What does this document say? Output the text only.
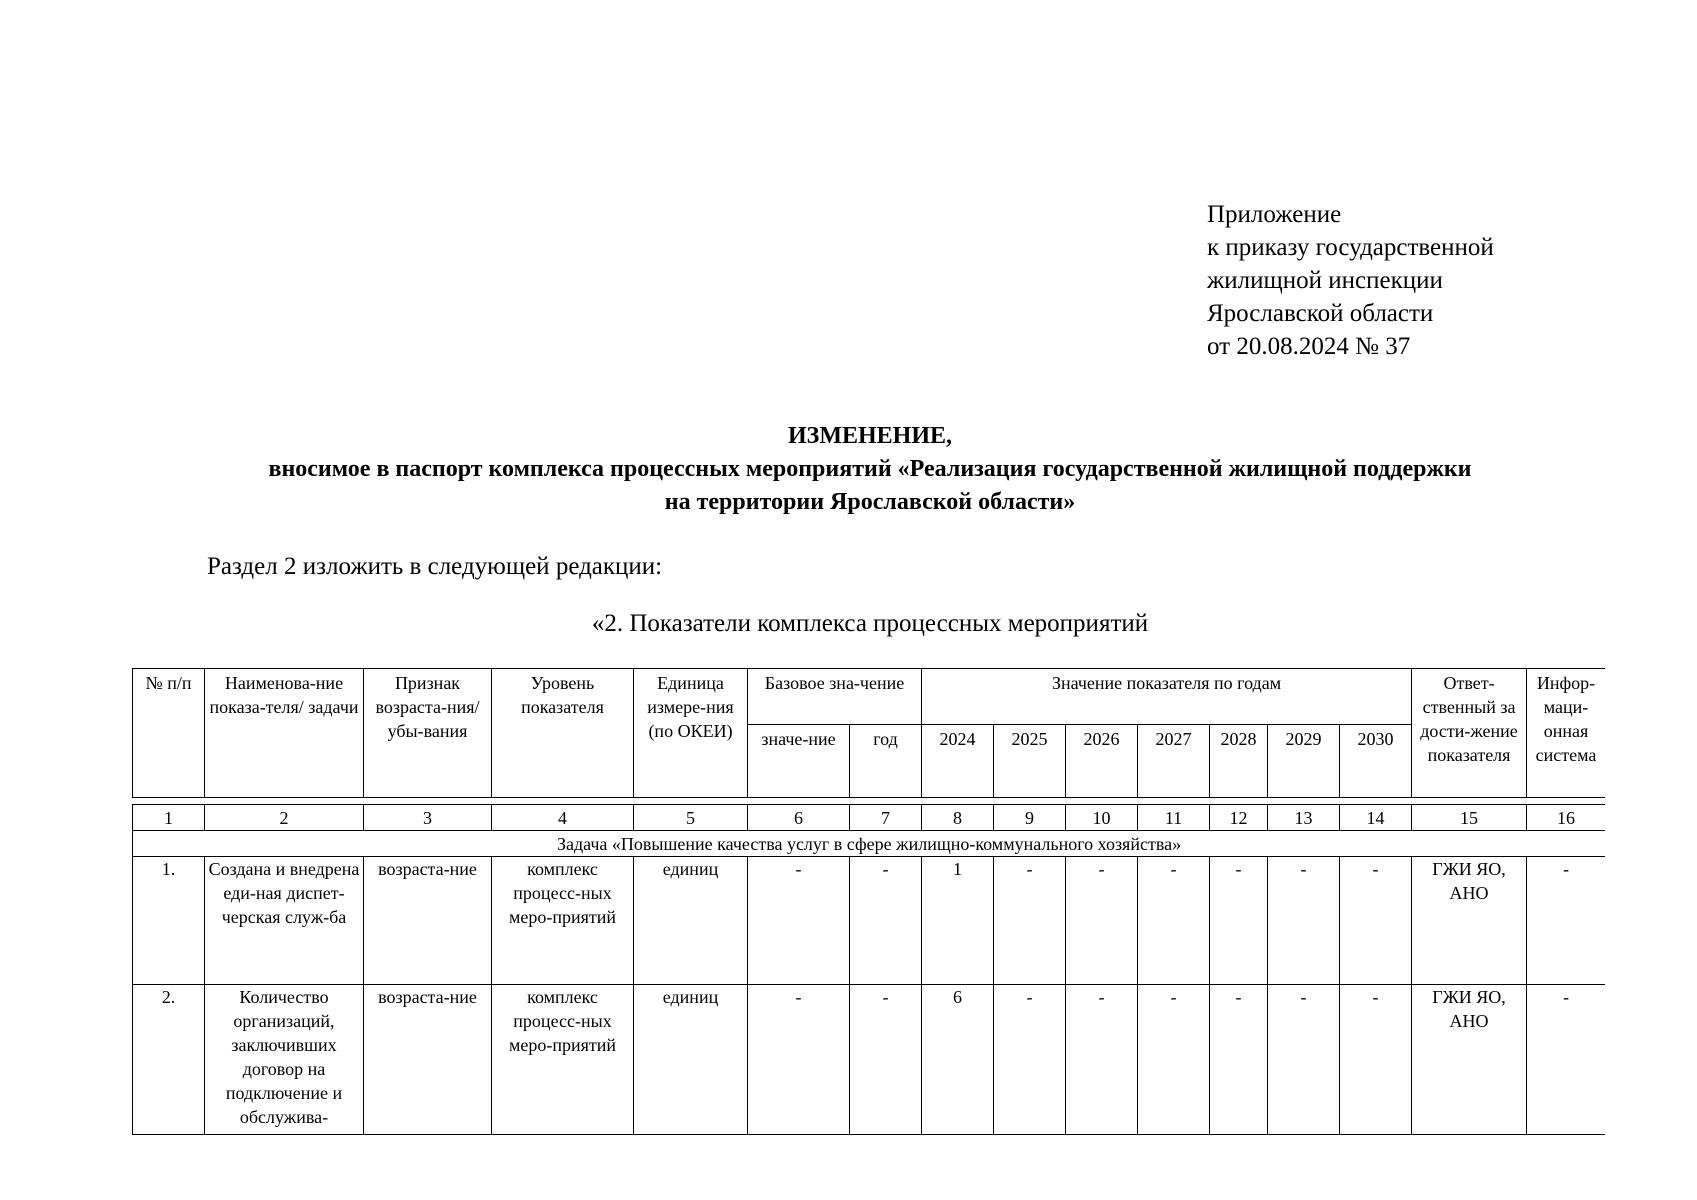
Приложение
к приказу государственной
жилищной инспекции
Ярославской области
от 20.08.2024 № 37
ИЗМЕНЕНИЕ,
вносимое в паспорт комплекса процессных мероприятий «Реализация государственной жилищной поддержки
на территории Ярославской области»
Раздел 2 изложить в следующей редакции:
«2. Показатели комплекса процессных мероприятий
№ п/п	Наименова-ние показа-теля/ задачи	Признак возраста-ния/ убы-вания	Уровень показателя	Единица измере-ния (по ОКЕИ)	Базовое зна-чение		Значение показателя по годам							Ответ-ственный за дости-жение показателя	Инфор-маци-онная система
					значе-ние	год	2024	2025	2026	2027	2028	2029	2030		

1	2	3	4	5	6	7	8	9	10	11	12	13	14	15	16
Задача «Повышение качества услуг в сфере жилищно-коммунального хозяйства»															
1.	Создана и внедрена еди-ная диспет-черская служ-ба	возраста-ние	комплекс процесс-ных меро-приятий	единиц	-	-	1	-	-	-	-	-	-	ГЖИ ЯО, АНО	-
2.	Количество организаций, заключивших договор на подключение и обслужива-	возраста-ние	комплекс процесс-ных меро-приятий	единиц	-	-	6	-	-	-	-	-	-	ГЖИ ЯО, АНО	-
